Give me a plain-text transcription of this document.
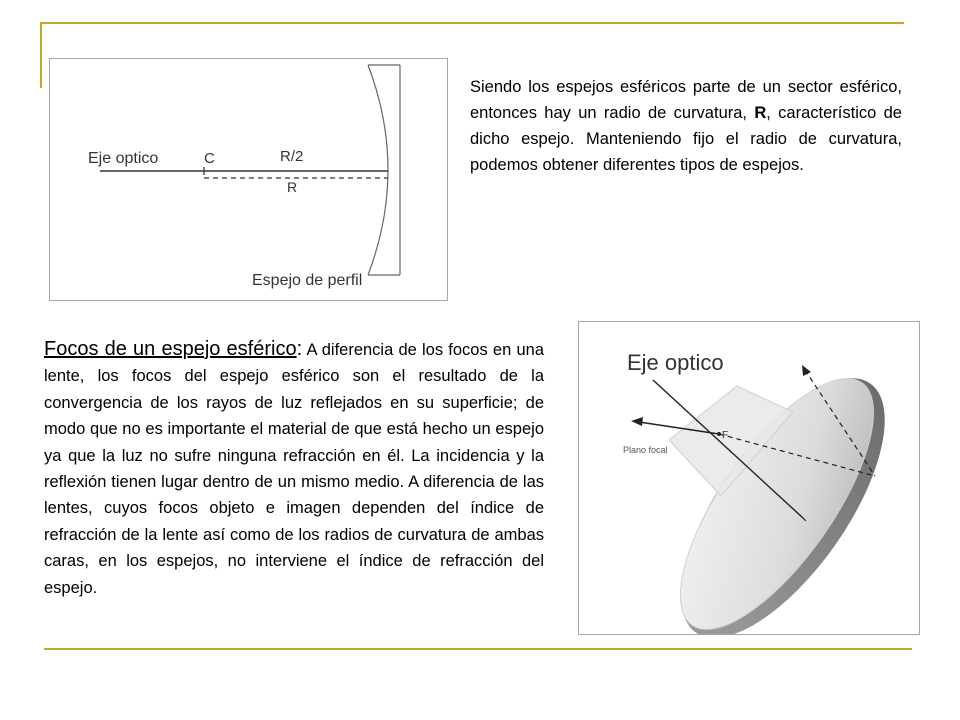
Eje optico	C	R/2
R
Espejo de perfil

Siendo los espejos esféricos parte de un sector esférico, entonces hay un radio de curvatura, R, característico de dicho espejo. Manteniendo fijo el radio de curvatura, podemos obtener diferentes tipos de espejos.

Focos de un espejo esférico: A diferencia de los focos en una lente, los focos del espejo esférico son el resultado de la convergencia de los rayos de luz reflejados en su superficie; de modo que no es importante el material de que está hecho un espejo ya que la luz no sufre ninguna refracción en él. La incidencia y la reflexión tienen lugar dentro de un mismo medio. A diferencia de las lentes, cuyos focos objeto e imagen dependen del índice de refracción de la lente así como de los radios de curvatura de ambas caras, en los espejos, no interviene el índice de refracción del espejo.

Eje optico
F
Plano focal
